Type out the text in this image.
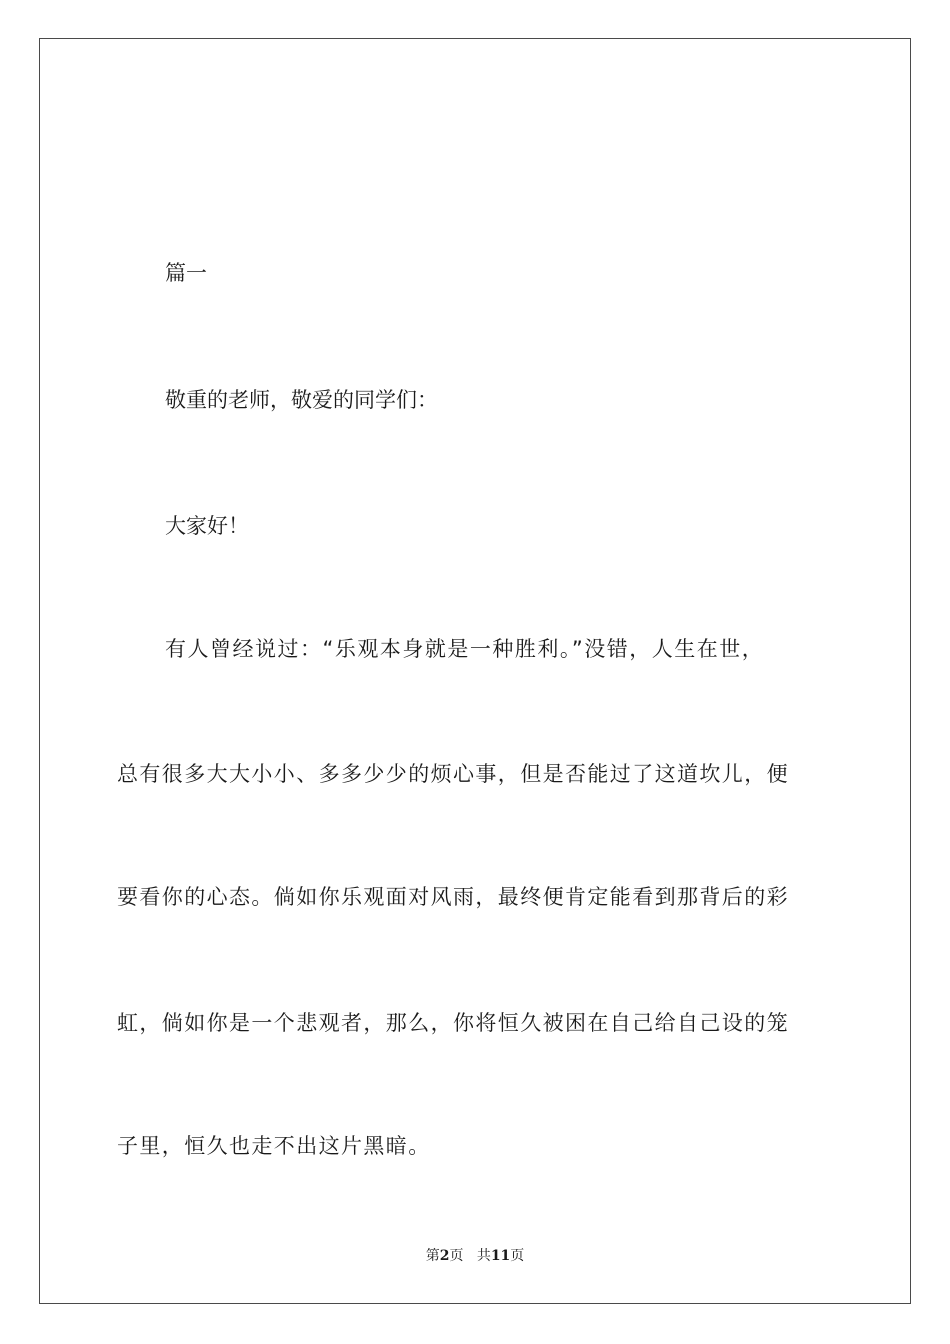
篇一

敬重的老师，敬爱的同学们：

大家好！

有人曾经说过：“乐观本身就是一种胜利。”没错，人生在世，

总有很多大大小小、多多少少的烦心事，但是否能过了这道坎儿，便

要看你的心态。倘如你乐观面对风雨，最终便肯定能看到那背后的彩

虹，倘如你是一个悲观者，那么，你将恒久被困在自己给自己设的笼

子里，恒久也走不出这片黑暗。

第2页 共11页
